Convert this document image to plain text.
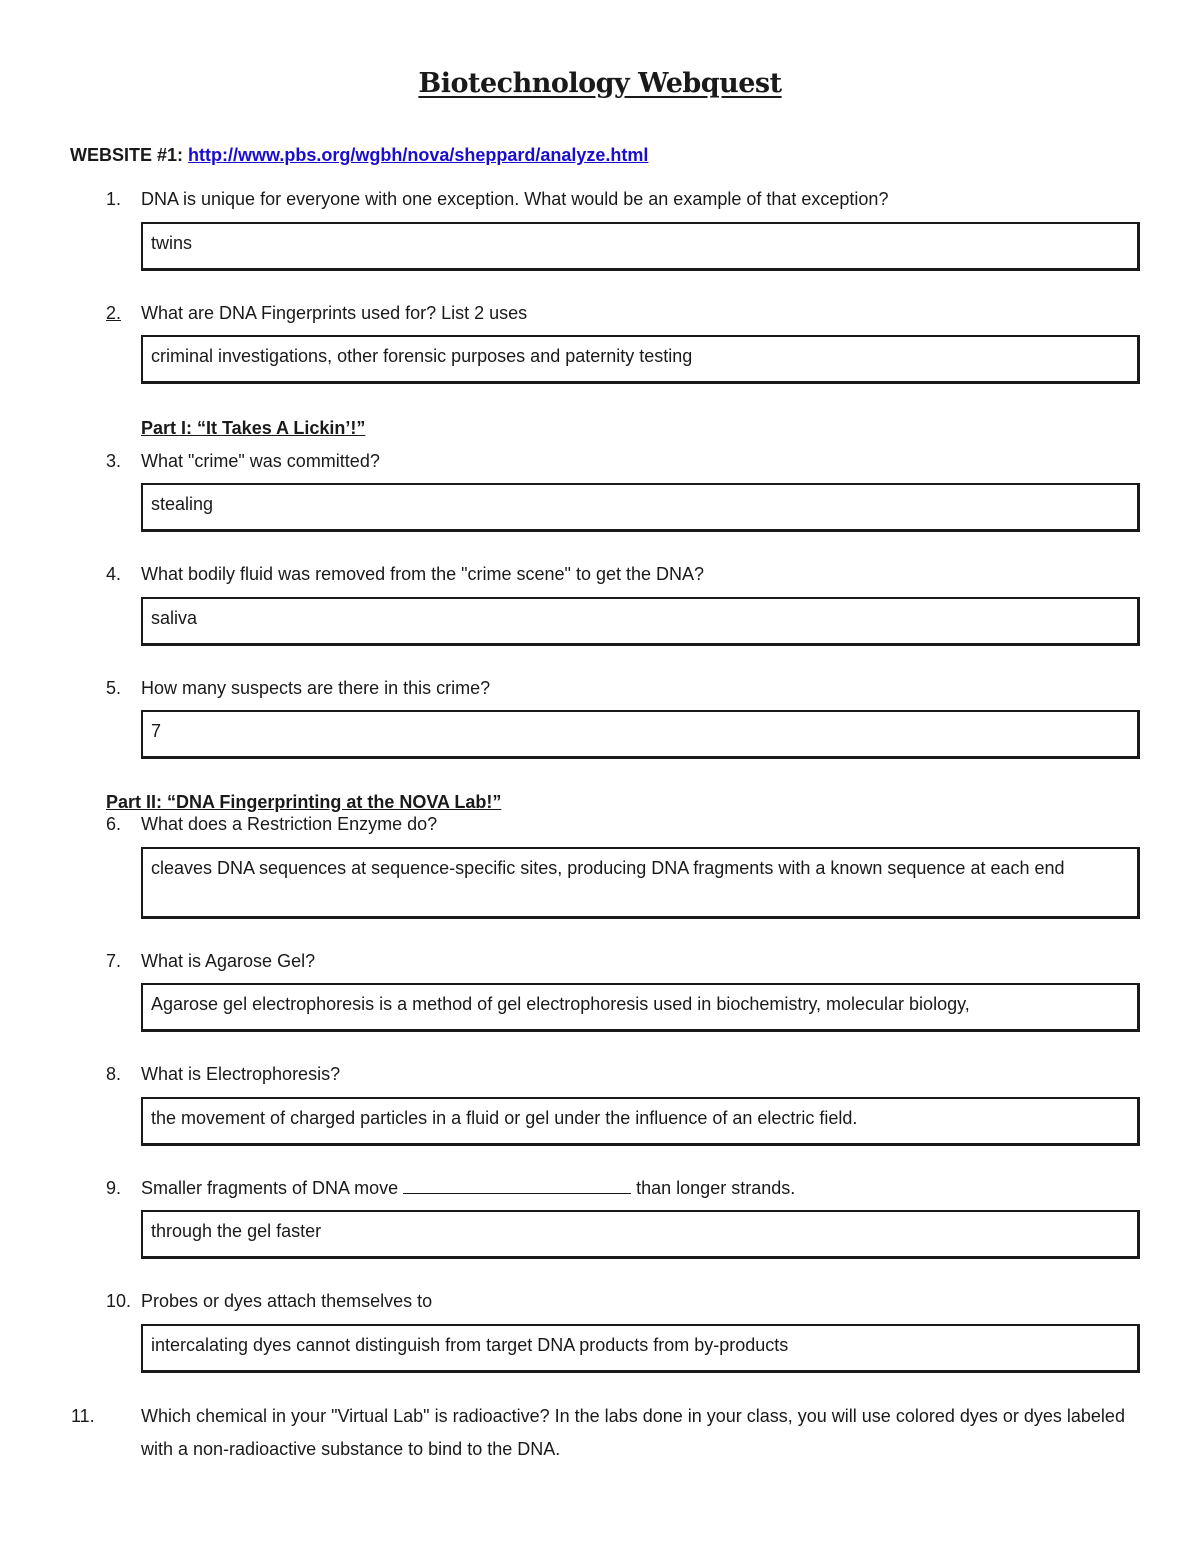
Biotechnology Webquest
WEBSITE #1: http://www.pbs.org/wgbh/nova/sheppard/analyze.html
1. DNA is unique for everyone with one exception. What would be an example of that exception?
twins
2. What are DNA Fingerprints used for? List 2 uses
criminal investigations, other forensic purposes and paternity testing
Part I: “It Takes A Lickin’!”
3. What "crime" was committed?
stealing
4. What bodily fluid was removed from the "crime scene" to get the DNA?
saliva
5. How many suspects are there in this crime?
7
Part II: “DNA Fingerprinting at the NOVA Lab!”
6. What does a Restriction Enzyme do?
cleaves DNA sequences at sequence-specific sites, producing DNA fragments with a known sequence at each end
7. What is Agarose Gel?
Agarose gel electrophoresis is a method of gel electrophoresis used in biochemistry, molecular biology,
8. What is Electrophoresis?
the movement of charged particles in a fluid or gel under the influence of an electric field.
9. Smaller fragments of DNA move	than longer strands.
through the gel faster
10. Probes or dyes attach themselves to
intercalating dyes cannot distinguish from target DNA products from by-products
11.	Which chemical in your "Virtual Lab" is radioactive? In the labs done in your class, you will use colored dyes or dyes labeled with a non-radioactive substance to bind to the DNA.
